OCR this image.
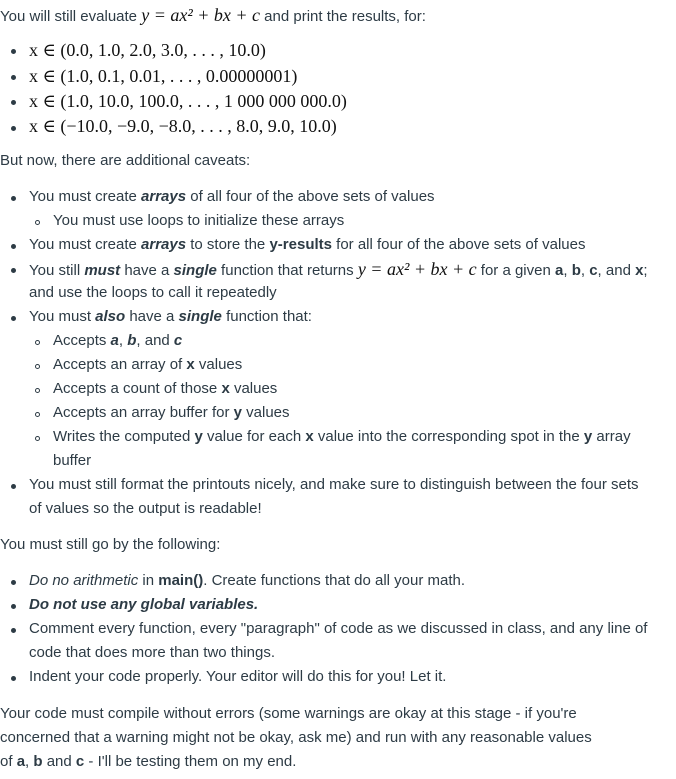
You will still evaluate y = ax² + bx + c and print the results, for:
x ∈ (0.0, 1.0, 2.0, 3.0, . . . , 10.0)
x ∈ (1.0, 0.1, 0.01, . . . , 0.00000001)
x ∈ (1.0, 10.0, 100.0, . . . , 1 000 000 000.0)
x ∈ (−10.0, −9.0, −8.0, . . . , 8.0, 9.0, 10.0)
But now, there are additional caveats:
You must create arrays of all four of the above sets of values
You must use loops to initialize these arrays
You must create arrays to store the y-results for all four of the above sets of values
You still must have a single function that returns y = ax² + bx + c for a given a, b, c, and x;
and use the loops to call it repeatedly
You must also have a single function that:
Accepts a, b, and c
Accepts an array of x values
Accepts a count of those x values
Accepts an array buffer for y values
Writes the computed y value for each x value into the corresponding spot in the y array
buffer
You must still format the printouts nicely, and make sure to distinguish between the four sets
of values so the output is readable!
You must still go by the following:
Do no arithmetic in main(). Create functions that do all your math.
Do not use any global variables.
Comment every function, every "paragraph" of code as we discussed in class, and any line of
code that does more than two things.
Indent your code properly. Your editor will do this for you! Let it.
Your code must compile without errors (some warnings are okay at this stage - if you're
concerned that a warning might not be okay, ask me) and run with any reasonable values
of a, b and c - I'll be testing them on my end.
